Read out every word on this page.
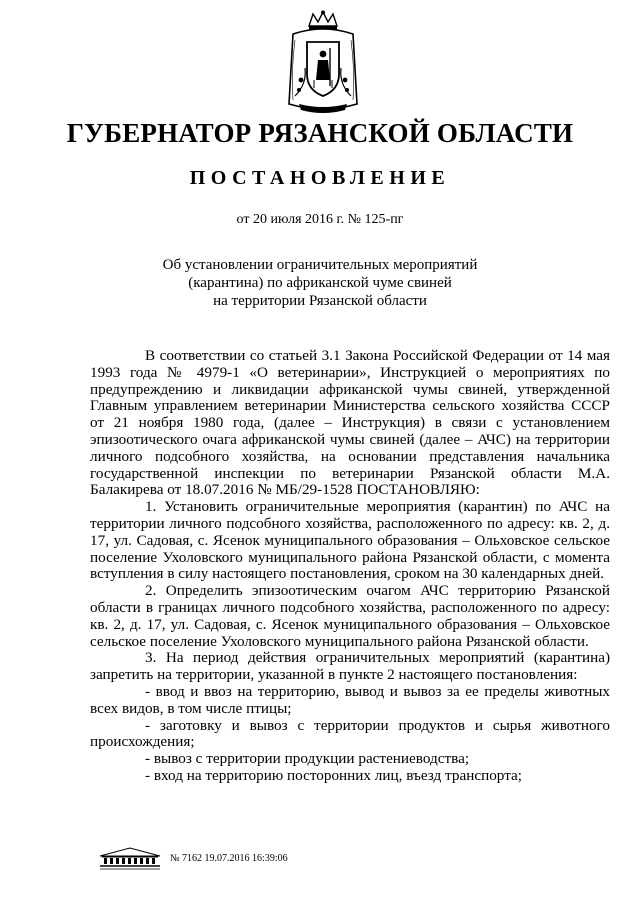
ГУБЕРНАТОР РЯЗАНСКОЙ ОБЛАСТИ
ПОСТАНОВЛЕНИЕ
от 20 июля 2016 г. № 125-пг
Об установлении ограничительных мероприятий
(карантина) по африканской чуме свиней
на территории Рязанской области

В соответствии со статьей 3.1 Закона Российской Федерации от 14 мая 1993 года № 4979-1 «О ветеринарии», Инструкцией о мероприятиях по предупреждению и ликвидации африканской чумы свиней, утвержденной Главным управлением ветеринарии Министерства сельского хозяйства СССР от 21 ноября 1980 года, (далее – Инструкция) в связи с установлением эпизоотического очага африканской чумы свиней (далее – АЧС) на территории личного подсобного хозяйства, на основании представления начальника государственной инспекции по ветеринарии Рязанской области М.А. Балакирева от 18.07.2016 № МБ/29-1528 ПОСТАНОВЛЯЮ:

1. Установить ограничительные мероприятия (карантин) по АЧС на территории личного подсобного хозяйства, расположенного по адресу: кв. 2, д. 17, ул. Садовая, с. Ясенок муниципального образования – Ольховское сельское поселение Ухоловского муниципального района Рязанской области, с момента вступления в силу настоящего постановления, сроком на 30 календарных дней.

2. Определить эпизоотическим очагом АЧС территорию Рязанской области в границах личного подсобного хозяйства, расположенного по адресу: кв. 2, д. 17, ул. Садовая, с. Ясенок муниципального образования – Ольховское сельское поселение Ухоловского муниципального района Рязанской области.

3. На период действия ограничительных мероприятий (карантина) запретить на территории, указанной в пункте 2 настоящего постановления:

- ввод и ввоз на территорию, вывод и вывоз за ее пределы животных всех видов, в том числе птицы;

- заготовку и вывоз с территории продуктов и сырья животного происхождения;

- вывоз с территории продукции растениеводства;

- вход на территорию посторонних лиц, въезд транспорта;

№ 7162 19.07.2016 16:39:06
